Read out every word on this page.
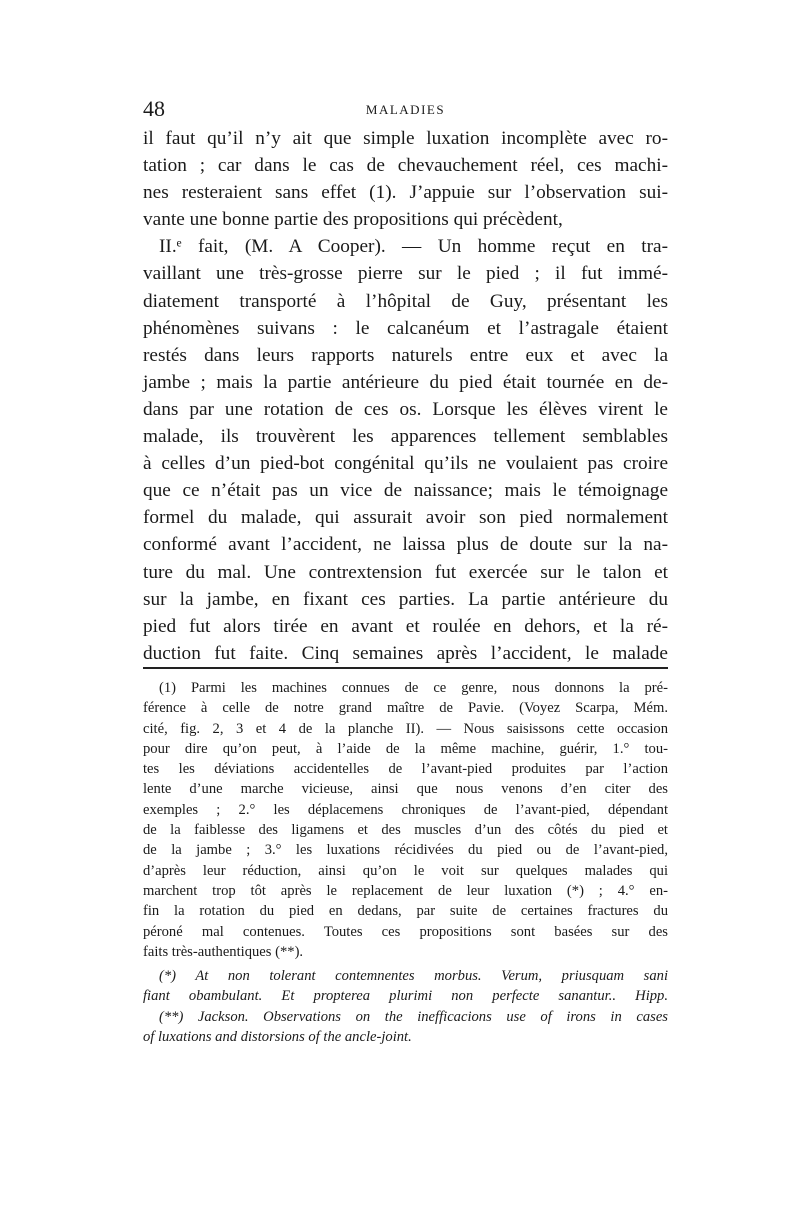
48	MALADIES
il faut qu’il n’y ait que simple luxation incomplète avec ro-
tation ; car dans le cas de chevauchement réel, ces machi-
nes resteraient sans effet (1). J’appuie sur l’observation sui-
vante une bonne partie des propositions qui précèdent,
II.ᵉ fait, (M. A Cooper). — Un homme reçut en tra-
vaillant une très-grosse pierre sur le pied ; il fut immé-
diatement transporté à l’hôpital de Guy, présentant les
phénomènes suivans : le calcanéum et l’astragale étaient
restés dans leurs rapports naturels entre eux et avec la
jambe ; mais la partie antérieure du pied était tournée en de-
dans par une rotation de ces os. Lorsque les élèves virent le
malade, ils trouvèrent les apparences tellement semblables
à celles d’un pied-bot congénital qu’ils ne voulaient pas croire
que ce n’était pas un vice de naissance; mais le témoignage
formel du malade, qui assurait avoir son pied normalement
conformé avant l’accident, ne laissa plus de doute sur la na-
ture du mal. Une contrextension fut exercée sur le talon et
sur la jambe, en fixant ces parties. La partie antérieure du
pied fut alors tirée en avant et roulée en dehors, et la ré-
duction fut faite. Cinq semaines après l’accident, le malade
(1) Parmi les machines connues de ce genre, nous donnons la pré-
férence à celle de notre grand maître de Pavie. (Voyez Scarpa, Mém.
cité, fig. 2, 3 et 4 de la planche II). — Nous saisissons cette occasion
pour dire qu’on peut, à l’aide de la même machine, guérir, 1.° tou-
tes les déviations accidentelles de l’avant-pied produites par l’action
lente d’une marche vicieuse, ainsi que nous venons d’en citer des
exemples ; 2.° les déplacemens chroniques de l’avant-pied, dépendant
de la faiblesse des ligamens et des muscles d’un des côtés du pied et
de la jambe ; 3.° les luxations récidivées du pied ou de l’avant-pied,
d’après leur réduction, ainsi qu’on le voit sur quelques malades qui
marchent trop tôt après le replacement de leur luxation (*) ; 4.° en-
fin la rotation du pied en dedans, par suite de certaines fractures du
péroné mal contenues. Toutes ces propositions sont basées sur des
faits très-authentiques (**).
(*) At non tolerant contemnentes morbus. Verum, priusquam sani
fiant obambulant. Et propterea plurimi non perfecte sanantur.. Hipp.
(**) Jackson. Observations on the inefficacions use of irons in cases
of luxations and distorsions of the ancle-joint.
